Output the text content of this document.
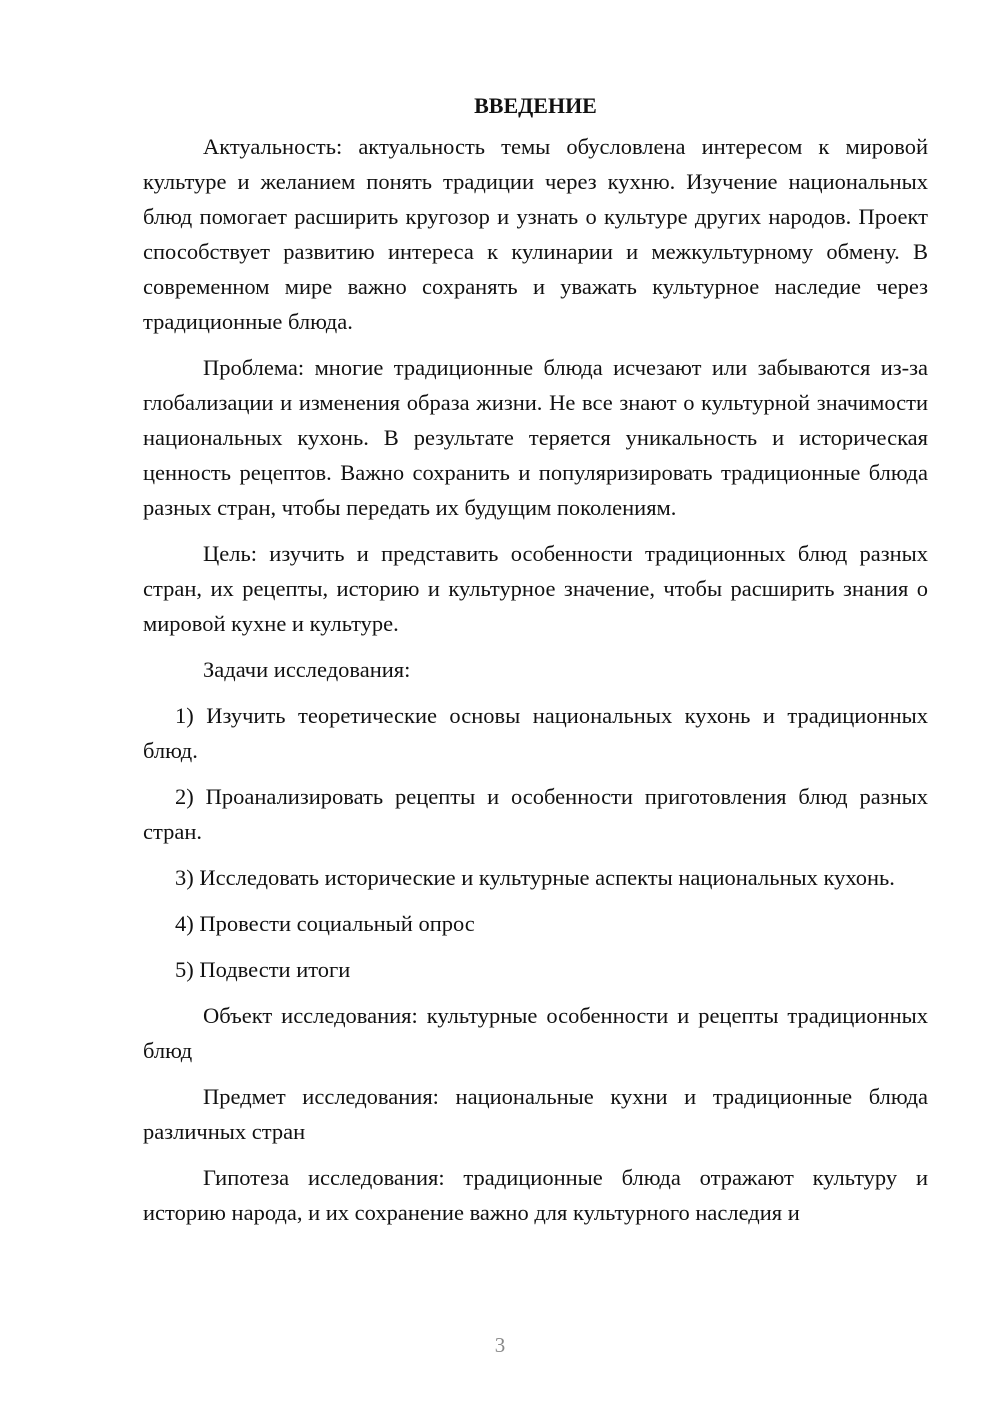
ВВЕДЕНИЕ

Актуальность: актуальность темы обусловлена интересом к мировой культуре и желанием понять традиции через кухню. Изучение национальных блюд помогает расширить кругозор и узнать о культуре других народов. Проект способствует развитию интереса к кулинарии и межкультурному обмену. В современном мире важно сохранять и уважать культурное наследие через традиционные блюда.

Проблема: многие традиционные блюда исчезают или забываются из-за глобализации и изменения образа жизни. Не все знают о культурной значимости национальных кухонь. В результате теряется уникальность и историческая ценность рецептов. Важно сохранить и популяризировать традиционные блюда разных стран, чтобы передать их будущим поколениям.

Цель: изучить и представить особенности традиционных блюд разных стран, их рецепты, историю и культурное значение, чтобы расширить знания о мировой кухне и культуре.

Задачи исследования:

1) Изучить теоретические основы национальных кухонь и традиционных блюд.

2) Проанализировать рецепты и особенности приготовления блюд разных стран.

3) Исследовать исторические и культурные аспекты национальных кухонь.

4) Провести социальный опрос

5) Подвести итоги

Объект исследования: культурные особенности и рецепты традиционных блюд

Предмет исследования: национальные кухни и традиционные блюда различных стран

Гипотеза исследования: традиционные блюда отражают культуру и историю народа, и их сохранение важно для культурного наследия и

3
